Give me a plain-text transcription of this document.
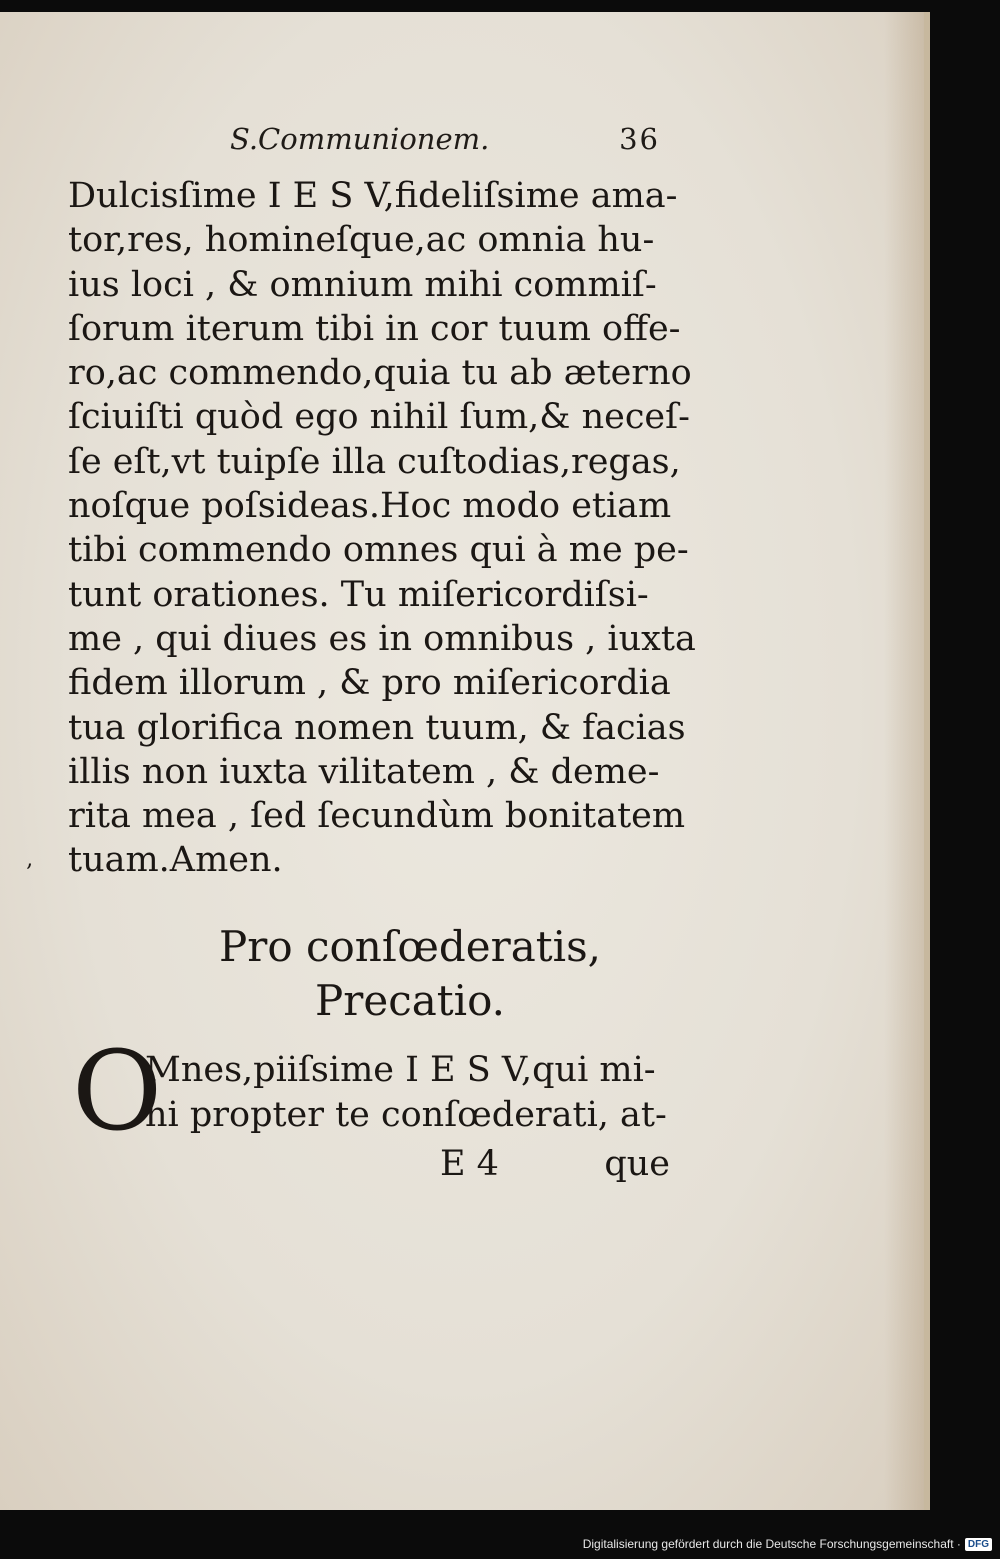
S.Communionem.	36
Dulcisſime I E S V,fideliſsime ama-
tor,res, homineſque,ac omnia hu-
ius loci , & omnium mihi commiſ-
ſorum iterum tibi in cor tuum offe-
ro,ac commendo,quia tu ab æterno
ſciuiſti quòd ego nihil ſum,& neceſ-
ſe eſt,vt tuipſe illa cuſtodias,regas,
noſque poſsideas.Hoc modo etiam
tibi commendo omnes qui à me pe-
tunt orationes. Tu miſericordiſsi-
me , qui diues es in omnibus , iuxta
fidem illorum , & pro miſericordia
tua glorifica nomen tuum, & facias
illis non iuxta vilitatem , & deme-
rita mea , ſed ſecundùm bonitatem
tuam.Amen.
‚
Pro conſœderatis,
Precatio.
O
Mnes,piiſsime I E S V,qui mi-
hi propter te conſœderati, at-
E 4	que
Digitalisierung gefördert durch die Deutsche Forschungsgemeinschaft · DFG
